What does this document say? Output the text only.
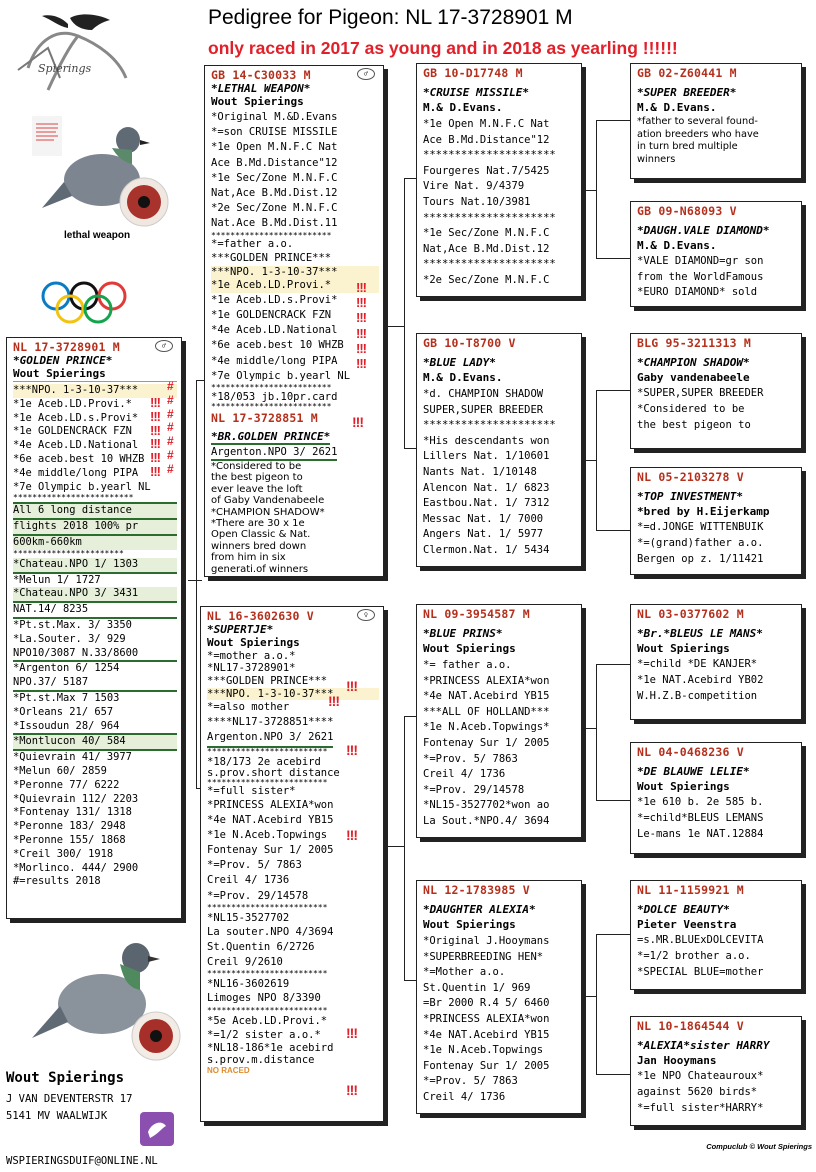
Pedigree for Pigeon: NL 17-3728901 M
only raced in 2017 as young and in 2018 as yearling !!!!!!
Spierings
lethal weapon
NL 17-3728901 M	♂
*GOLDEN PRINCE*
Wout Spierings
***NPO. 1-3-10-37***
*1e Aceb.LD.Provi.*
*1e Aceb.LD.s.Provi*
*1e GOLDENCRACK FZN
*4e Aceb.LD.National
*6e aceb.best 10 WHZB
*4e middle/long PIPA
*7e Olympic b.yearl NL
*************************
All 6 long distance
flights 2018 100% pr
600km-660km
***********************
*Chateau.NPO 1/ 1303
*Melun 1/ 1727
*Chateau.NPO 3/ 3431
NAT.14/ 8235
*Pt.st.Max. 3/ 3350
*La.Souter. 3/ 929
NPO10/3087 N.33/8600
*Argenton 6/ 1254
NPO.37/ 5187
*Pt.st.Max 7 1503
*Orleans 21/ 657
*Issoudun 28/ 964
*Montlucon 40/ 584
*Quievrain 41/ 3977
*Melun 60/ 2859
*Peronne 77/ 6222
*Quievrain 112/ 2203
*Fontenay 131/ 1318
*Peronne 183/ 2948
*Peronne 155/ 1868
*Creil 300/ 1918
*Morlinco. 444/ 2900
#=results 2018
#
#
#
#
#
#
#
!!!
!!!
!!!
!!!
!!!
!!!
GB 14-C30033 M	♂
*LETHAL WEAPON*
Wout Spierings
*Original M.&D.Evans
*=son CRUISE MISSILE
*1e Open M.N.F.C Nat
Ace B.Md.Distance"12
*1e Sec/Zone M.N.F.C
Nat,Ace B.Md.Dist.12
*2e Sec/Zone M.N.F.C
Nat.Ace B.Md.Dist.11
*************************
*=father a.o.
***GOLDEN PRINCE***
***NPO. 1-3-10-37***
*1e Aceb.LD.Provi.*
*1e Aceb.LD.s.Provi*
*1e GOLDENCRACK FZN
*4e Aceb.LD.National
*6e aceb.best 10 WHZB
*4e middle/long PIPA
*7e Olympic b.yearl NL
*************************
*18/053 jb.10pr.card
*************************
NL 17-3728851 M
*BR.GOLDEN PRINCE*
Argenton.NPO 3/ 2621
*Considered to be
the best pigeon to
ever leave the loft
of Gaby Vandenabeele
*CHAMPION SHADOW*
*There are 30 x 1e
Open Classic & Nat.
winners bred down
from him in six
generati.of winners
!!!
!!!
!!!
!!!
!!!
!!!
!!!
NL 16-3602630 V	♀
*SUPERTJE*
Wout Spierings
*=mother a.o.*
*NL17-3728901*
***GOLDEN PRINCE***
***NPO. 1-3-10-37***
*=also mother
****NL17-3728851****
Argenton.NPO 3/ 2621
*************************
*18/173 2e acebird
s.prov.short distance
*************************
*=full sister*
*PRINCESS ALEXIA*won
*4e NAT.Acebird YB15
*1e N.Aceb.Topwings
Fontenay Sur 1/ 2005
*=Prov. 5/ 7863
Creil 4/ 1736
*=Prov. 29/14578
*************************
*NL15-3527702
La souter.NPO 4/3694
St.Quentin 6/2726
Creil 9/2610
*************************
*NL16-3602619
Limoges NPO 8/3390
*************************
*5e Aceb.LD.Provi.*
*=1/2 sister a.o.*
*NL18-186*1e acebird
s.prov.m.distance
NO RACED
!!!
!!!
!!!
!!!
!!!
!!!
GB 10-D17748 M
*CRUISE MISSILE*
M.& D.Evans.
*1e Open M.N.F.C Nat
Ace B.Md.Distance"12
*********************
Fourgeres Nat.7/5425
Vire Nat. 9/4379
Tours Nat.10/3981
*********************
*1e Sec/Zone M.N.F.C
Nat,Ace B.Md.Dist.12
*********************
*2e Sec/Zone M.N.F.C
GB 10-T8700 V
*BLUE LADY*
M.& D.Evans.
*d. CHAMPION SHADOW
SUPER,SUPER BREEDER
*********************
*His descendants won
Lillers Nat. 1/10601
Nants Nat. 1/10148
Alencon Nat. 1/ 6823
Eastbou.Nat. 1/ 7312
Messac Nat. 1/ 7000
Angers Nat. 1/ 5977
Clermon.Nat. 1/ 5434
NL 09-3954587 M
*BLUE PRINS*
Wout Spierings
*= father a.o.
*PRINCESS ALEXIA*won
*4e NAT.Acebird YB15
***ALL OF HOLLAND***
*1e N.Aceb.Topwings*
Fontenay Sur 1/ 2005
*=Prov. 5/ 7863
Creil 4/ 1736
*=Prov. 29/14578
*NL15-3527702*won ao
La Sout.*NPO.4/ 3694
NL 12-1783985 V
*DAUGHTER ALEXIA*
Wout Spierings
*Original J.Hooymans
*SUPERBREEDING HEN*
*=Mother a.o.
St.Quentin 1/ 969
=Br 2000 R.4 5/ 6460
*PRINCESS ALEXIA*won
*4e NAT.Acebird YB15
*1e N.Aceb.Topwings
Fontenay Sur 1/ 2005
*=Prov. 5/ 7863
Creil 4/ 1736
GB 02-Z60441 M
*SUPER BREEDER*
M.& D.Evans.
*father to several found-
ation breeders who have
in turn bred multiple
winners
GB 09-N68093 V
*DAUGH.VALE DIAMOND*
M.& D.Evans.
*VALE DIAMOND=gr son
from the WorldFamous
*EURO DIAMOND* sold
BLG 95-3211313 M
*CHAMPION SHADOW*
Gaby vandenabeele
*SUPER,SUPER BREEDER
*Considered to be
the best pigeon to
NL 05-2103278 V
*TOP INVESTMENT*
*bred by H.Eijerkamp
*=d.JONGE WITTENBUIK
*=(grand)father a.o.
Bergen op z. 1/11421
NL 03-0377602 M
*Br.*BLEUS LE MANS*
Wout Spierings
*=child *DE KANJER*
*1e NAT.Acebird YB02
W.H.Z.B-competition
NL 04-0468236 V
*DE BLAUWE LELIE*
Wout Spierings
*1e 610 b. 2e 585 b.
*=child*BLEUS LEMANS
Le-mans 1e NAT.12884
NL 11-1159921 M
*DOLCE BEAUTY*
Pieter Veenstra
=s.MR.BLUExDOLCEVITA
*=1/2 brother a.o.
*SPECIAL BLUE=mother
NL 10-1864544 V
*ALEXIA*sister HARRY
Jan Hooymans
*1e NPO Chateauroux*
against 5620 birds*
*=full sister*HARRY*
Wout Spierings
J VAN DEVENTERSTR 17
5141 MV WAALWIJK
WSPIERINGSDUIF@ONLINE.NL
Compuclub © Wout Spierings
